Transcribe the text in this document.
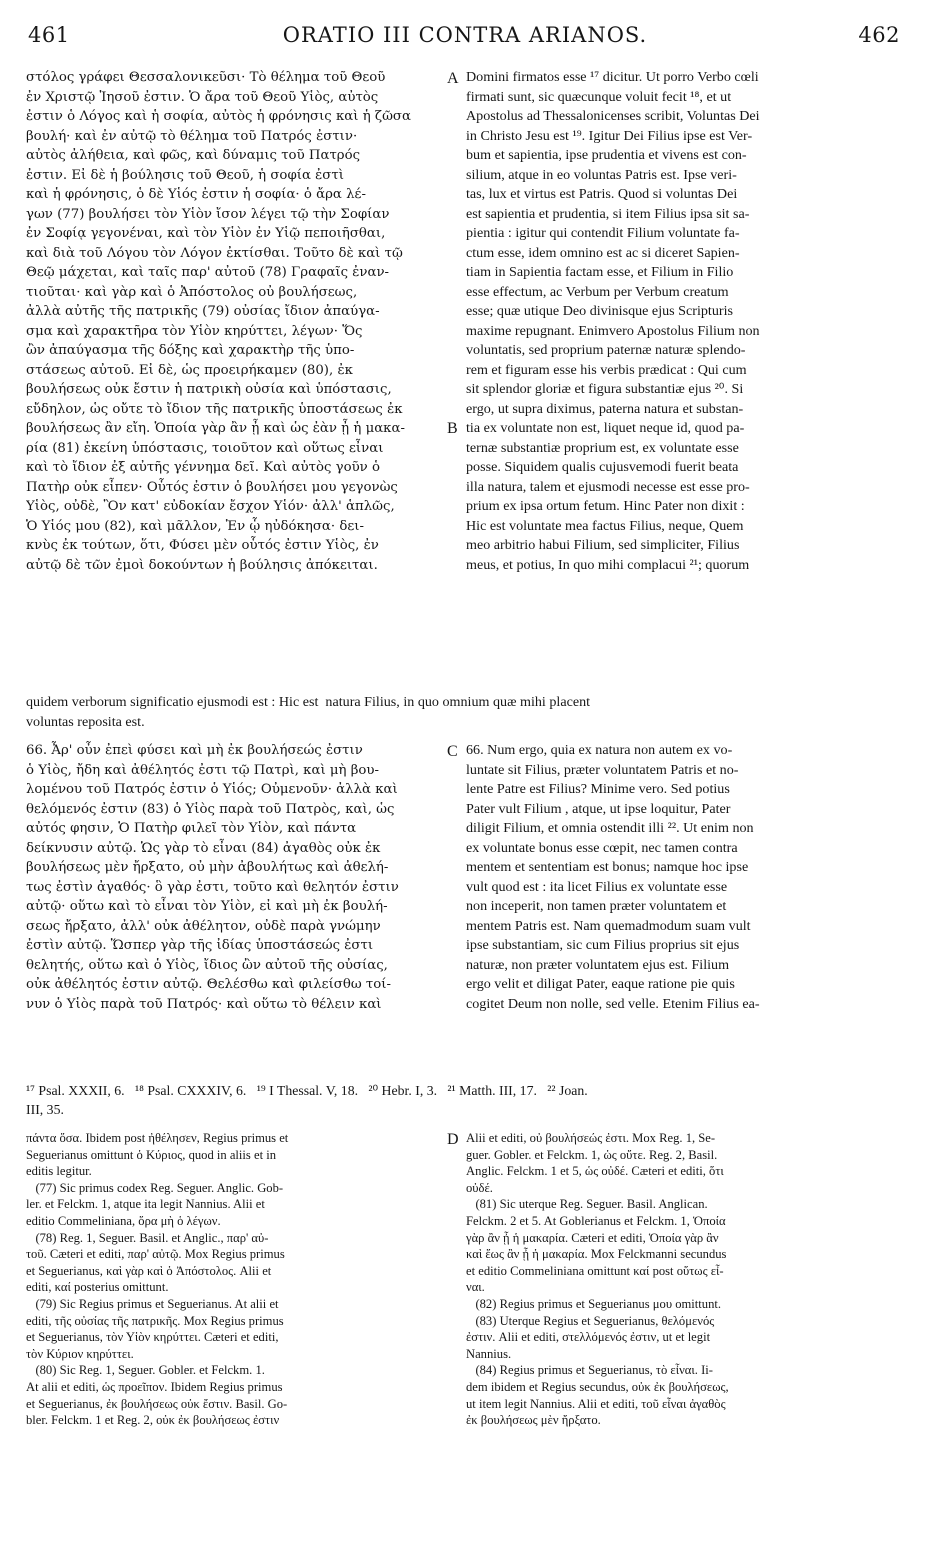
461	ORATIO III CONTRA ARIANOS.	462
A
B
C
D
στόλος γράφει Θεσσαλονικεῦσι· Τὸ θέλημα τοῦ Θεοῦ
ἐν Χριστῷ Ἰησοῦ ἐστιν. Ὁ ἄρα τοῦ Θεοῦ Υἱὸς, αὐτὸς
ἐστιν ὁ Λόγος καὶ ἡ σοφία, αὐτὸς ἡ φρόνησις καὶ ἡ ζῶσα
βουλή· καὶ ἐν αὐτῷ τὸ θέλημα τοῦ Πατρός ἐστιν·
αὐτὸς ἀλήθεια, καὶ φῶς, καὶ δύναμις τοῦ Πατρός
ἐστιν. Εἰ δὲ ἡ βούλησις τοῦ Θεοῦ, ἡ σοφία ἐστὶ
καὶ ἡ φρόνησις, ὁ δὲ Υἱός ἐστιν ἡ σοφία· ὁ ἄρα λέ-
γων (77) βουλήσει τὸν Υἱὸν ἴσον λέγει τῷ τὴν Σοφίαν
ἐν Σοφίᾳ γεγονέναι, καὶ τὸν Υἱὸν ἐν Υἱῷ πεποιῆσθαι,
καὶ διὰ τοῦ Λόγου τὸν Λόγον ἐκτίσθαι. Τοῦτο δὲ καὶ τῷ
Θεῷ μάχεται, καὶ ταῖς παρ' αὐτοῦ (78) Γραφαῖς ἐναν-
τιοῦται· καὶ γὰρ καὶ ὁ Ἀπόστολος οὐ βουλήσεως,
ἀλλὰ αὐτῆς τῆς πατρικῆς (79) οὐσίας ἴδιον ἀπαύγα-
σμα καὶ χαρακτῆρα τὸν Υἱὸν κηρύττει, λέγων· Ὅς
ὢν ἀπαύγασμα τῆς δόξης καὶ χαρακτὴρ τῆς ὑπο-
στάσεως αὐτοῦ. Εἰ δὲ, ὡς προειρήκαμεν (80), ἐκ
βουλήσεως οὐκ ἔστιν ἡ πατρικὴ οὐσία καὶ ὑπόστασις,
εὔδηλον, ὡς οὔτε τὸ ἴδιον τῆς πατρικῆς ὑποστάσεως ἐκ
βουλήσεως ἂν εἴη. Ὁποία γὰρ ἂν ᾖ καὶ ὡς ἐὰν ᾖ ἡ μακα-
ρία (81) ἐκείνη ὑπόστασις, τοιοῦτον καὶ οὕτως εἶναι
καὶ τὸ ἴδιον ἐξ αὐτῆς γέννημα δεῖ. Καὶ αὐτὸς γοῦν ὁ
Πατὴρ οὐκ εἶπεν· Οὗτός ἐστιν ὁ βουλήσει μου γεγονὼς
Υἱὸς, οὐδὲ, Ὃν κατ' εὐδοκίαν ἔσχον Υἱόν· ἀλλ' ἁπλῶς,
Ὁ Υἱός μου (82), καὶ μᾶλλον, Ἐν ᾧ ηὐδόκησα· δει-
κνὺς ἐκ τούτων, ὅτι, Φύσει μὲν οὗτός ἐστιν Υἱὸς, ἐν
αὐτῷ δὲ τῶν ἐμοὶ δοκούντων ἡ βούλησις ἀπόκειται.
Domini firmatos esse ¹⁷ dicitur. Ut porro Verbo cœli
firmati sunt, sic quæcunque voluit fecit ¹⁸, et ut
Apostolus ad Thessalonicenses scribit, Voluntas Dei
in Christo Jesu est ¹⁹. Igitur Dei Filius ipse est Ver-
bum et sapientia, ipse prudentia et vivens est con-
silium, atque in eo voluntas Patris est. Ipse veri-
tas, lux et virtus est Patris. Quod si voluntas Dei
est sapientia et prudentia, si item Filius ipsa sit sa-
pientia : igitur qui contendit Filium voluntate fa-
ctum esse, idem omnino est ac si diceret Sapien-
tiam in Sapientia factam esse, et Filium in Filio
esse effectum, ac Verbum per Verbum creatum
esse; quæ utique Deo divinisque ejus Scripturis
maxime repugnant. Enimvero Apostolus Filium non
voluntatis, sed proprium paternæ naturæ splendo-
rem et figuram esse his verbis prædicat : Qui cum
sit splendor gloriæ et figura substantiæ ejus ²⁰. Si
ergo, ut supra diximus, paterna natura et substan-
tia ex voluntate non est, liquet neque id, quod pa-
ternæ substantiæ proprium est, ex voluntate esse
posse. Siquidem qualis cujusvemodi fuerit beata
illa natura, talem et ejusmodi necesse est esse pro-
prium ex ipsa ortum fetum. Hinc Pater non dixit :
Hic est voluntate mea factus Filius, neque, Quem
meo arbitrio habui Filium, sed simpliciter, Filius
meus, et potius, In quo mihi complacui ²¹; quorum
quidem verborum significatio ejusmodi est : Hic est  natura Filius, in quo omnium quæ mihi placent
voluntas reposita est.
66. Ἆρ' οὖν ἐπεὶ φύσει καὶ μὴ ἐκ βουλήσεώς ἐστιν
ὁ Υἱὸς, ἤδη καὶ ἀθέλητός ἐστι τῷ Πατρὶ, καὶ μὴ βου-
λομένου τοῦ Πατρός ἐστιν ὁ Υἱός; Οὐμενοῦν· ἀλλὰ καὶ
θελόμενός ἐστιν (83) ὁ Υἱὸς παρὰ τοῦ Πατρὸς, καὶ, ὡς
αὐτός φησιν, Ὁ Πατὴρ φιλεῖ τὸν Υἱὸν, καὶ πάντα
δείκνυσιν αὐτῷ. Ὡς γὰρ τὸ εἶναι (84) ἀγαθὸς οὐκ ἐκ
βουλήσεως μὲν ἤρξατο, οὐ μὴν ἀβουλήτως καὶ ἀθελή-
τως ἐστὶν ἀγαθός· ὃ γὰρ ἐστι, τοῦτο καὶ θελητόν ἐστιν
αὐτῷ· οὕτω καὶ τὸ εἶναι τὸν Υἱὸν, εἰ καὶ μὴ ἐκ βουλή-
σεως ἤρξατο, ἀλλ' οὐκ ἀθέλητον, οὐδὲ παρὰ γνώμην
ἐστὶν αὐτῷ. Ὥσπερ γὰρ τῆς ἰδίας ὑποστάσεώς ἐστι
θελητής, οὕτω καὶ ὁ Υἱὸς, ἴδιος ὢν αὐτοῦ τῆς οὐσίας,
οὐκ ἀθέλητός ἐστιν αὐτῷ. Θελέσθω καὶ φιλείσθω τοί-
νυν ὁ Υἱὸς παρὰ τοῦ Πατρός· καὶ οὕτω τὸ θέλειν καὶ
66. Num ergo, quia ex natura non autem ex vo-
luntate sit Filius, præter voluntatem Patris et no-
lente Patre est Filius? Minime vero. Sed potius
Pater vult Filium , atque, ut ipse loquitur, Pater
diligit Filium, et omnia ostendit illi ²². Ut enim non
ex voluntate bonus esse cœpit, nec tamen contra
mentem et sententiam est bonus; namque hoc ipse
vult quod est : ita licet Filius ex voluntate esse
non inceperit, non tamen præter voluntatem et
mentem Patris est. Nam quemadmodum suam vult
ipse substantiam, sic cum Filius proprius sit ejus
naturæ, non præter voluntatem ejus est. Filium
ergo velit et diligat Pater, eaque ratione pie quis
cogitet Deum non nolle, sed velle. Etenim Filius ea-
¹⁷ Psal. XXXII, 6.   ¹⁸ Psal. CXXXIV, 6.   ¹⁹ I Thessal. V, 18.   ²⁰ Hebr. I, 3.   ²¹ Matth. III, 17.   ²² Joan.
III, 35.
πάντα ὅσα. Ibidem post ἠθέλησεν, Regius primus et
Seguerianus omittunt ὁ Κύριος, quod in aliis et in
editis legitur.
(77) Sic primus codex Reg. Seguer. Anglic. Gob-
ler. et Felckm. 1, atque ita legit Nannius. Alii et
editio Commeliniana, ὅρα μὴ ὁ λέγων.
(78) Reg. 1, Seguer. Basil. et Anglic., παρ' αὐ-
τοῦ. Cæteri et editi, παρ' αὐτῷ. Mox Regius primus
et Seguerianus, καὶ γὰρ καὶ ὁ Ἀπόστολος. Alii et
editi, καί posterius omittunt.
(79) Sic Regius primus et Seguerianus. At alii et
editi, τῆς οὐσίας τῆς πατρικῆς. Mox Regius primus
et Seguerianus, τὸν Υἱὸν κηρύττει. Cæteri et editi,
τὸν Κύριον κηρύττει.
(80) Sic Reg. 1, Seguer. Gobler. et Felckm. 1.
At alii et editi, ὡς προεῖπον. Ibidem Regius primus
et Seguerianus, ἐκ βουλήσεως οὐκ ἔστιν. Basil. Go-
bler. Felckm. 1 et Reg. 2, οὐκ ἐκ βουλήσεως ἐστιν
Alii et editi, οὐ βουλήσεώς ἐστι. Mox Reg. 1, Se-
guer. Gobler. et Felckm. 1, ὡς οὔτε. Reg. 2, Basil.
Anglic. Felckm. 1 et 5, ὡς οὐδέ. Cæteri et editi, ὅτι
οὐδέ.
(81) Sic uterque Reg. Seguer. Basil. Anglican.
Felckm. 2 et 5. At Goblerianus et Felckm. 1, Ὁποία
γὰρ ἂν ᾖ ἡ μακαρία. Cæteri et editi, Ὁποία γὰρ ἂν
καὶ ἕως ἂν ᾖ ἡ μακαρία. Mox Felckmanni secundus
et editio Commeliniana omittunt καί post οὕτως εἶ-
ναι.
(82) Regius primus et Seguerianus μου omittunt.
(83) Uterque Regius et Seguerianus, θελόμενός
ἐστιν. Alii et editi, στελλόμενός ἐστιν, ut et legit
Nannius.
(84) Regius primus et Seguerianus, τὸ εἶναι. Ii-
dem ibidem et Regius secundus, οὐκ ἐκ βουλήσεως,
ut item legit Nannius. Alii et editi, τοῦ εἶναι ἀγαθὸς
ἐκ βουλήσεως μὲν ἤρξατο.
